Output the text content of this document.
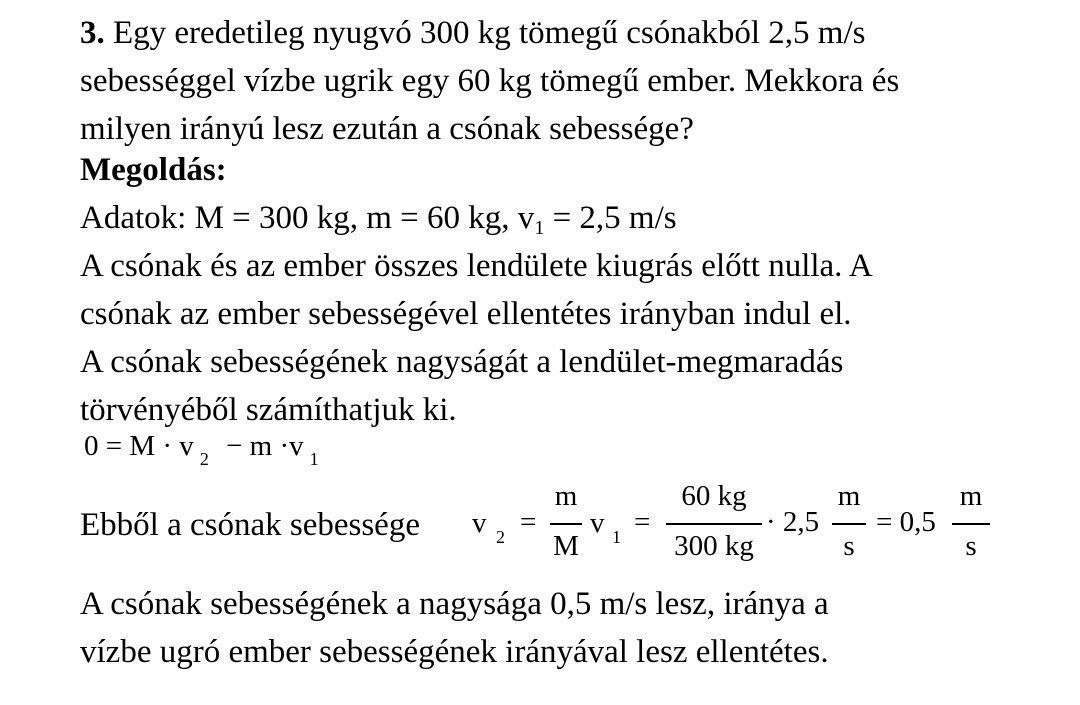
3. Egy eredetileg nyugvó 300 kg tömegű csónakból 2,5 m/s
sebességgel vízbe ugrik egy 60 kg tömegű ember. Mekkora és
milyen irányú lesz ezután a csónak sebessége?
Megoldás:
Adatok: M = 300 kg, m = 60 kg, v1 = 2,5 m/s
A csónak és az ember összes lendülete kiugrás előtt nulla. A
csónak az ember sebességével ellentétes irányban indul el.
A csónak sebességének nagyságát a lendület-megmaradás
törvényéből számíthatjuk ki.
0 = M · v $_2$ − m ·v $_1$
Ebből a csónak sebessége v 2 =
m
M
v 1 =
60 kg
300 kg
· 2,5
m
s
= 0,5
m
s
A csónak sebességének a nagysága 0,5 m/s lesz, iránya a
vízbe ugró ember sebességének irányával lesz ellentétes.
